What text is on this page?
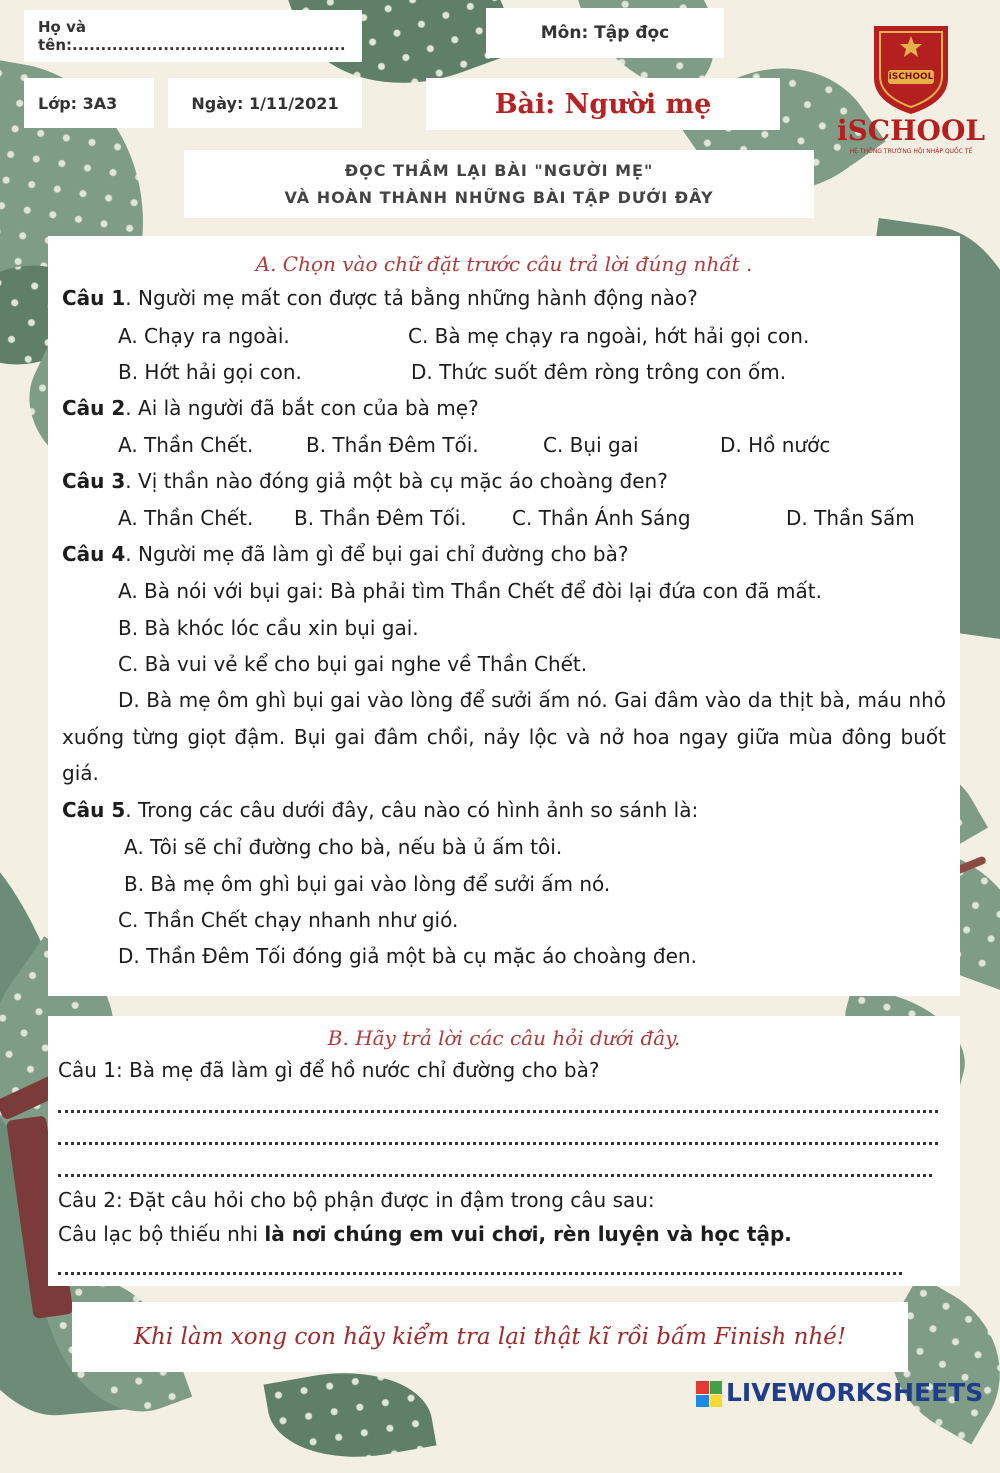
Họ và tên:................................................
Môn: Tập đọc
Lớp: 3A3	Ngày: 1/11/2021	Bài: Người mẹ
iSCHOOL
iSCHOOL
HỆ THỐNG TRƯỜNG HỘI NHẬP QUỐC TẾ
ĐỌC THẦM LẠI BÀI "NGƯỜI MẸ"
VÀ HOÀN THÀNH NHỮNG BÀI TẬP DƯỚI ĐÂY
A. Chọn vào chữ đặt trước câu trả lời đúng nhất .
Câu 1. Người mẹ mất con được tả bằng những hành động nào?
A. Chạy ra ngoài.	C. Bà mẹ chạy ra ngoài, hớt hải gọi con.
B. Hớt hải gọi con.	D. Thức suốt đêm ròng trông con ốm.
Câu 2. Ai là người đã bắt con của bà mẹ?
A. Thần Chết.	B. Thần Đêm Tối.	C. Bụi gai	D. Hồ nước
Câu 3. Vị thần nào đóng giả một bà cụ mặc áo choàng đen?
A. Thần Chết. B. Thần Đêm Tối. C. Thần Ánh Sáng	D. Thần Sấm
Câu 4. Người mẹ đã làm gì để bụi gai chỉ đường cho bà?
A. Bà nói với bụi gai: Bà phải tìm Thần Chết để đòi lại đứa con đã mất.
B. Bà khóc lóc cầu xin bụi gai.
C. Bà vui vẻ kể cho bụi gai nghe về Thần Chết.
D. Bà mẹ ôm ghì bụi gai vào lòng để sưởi ấm nó. Gai đâm vào da thịt bà, máu nhỏ xuống từng giọt đậm. Bụi gai đâm chồi, nảy lộc và nở hoa ngay giữa mùa đông buốt giá.
Câu 5. Trong các câu dưới đây, câu nào có hình ảnh so sánh là:
A. Tôi sẽ chỉ đường cho bà, nếu bà ủ ấm tôi.
B. Bà mẹ ôm ghì bụi gai vào lòng để sưởi ấm nó.
C. Thần Chết chạy nhanh như gió.
D. Thần Đêm Tối đóng giả một bà cụ mặc áo choàng đen.
B. Hãy trả lời các câu hỏi dưới đây.
Câu 1: Bà mẹ đã làm gì để hồ nước chỉ đường cho bà?
Câu 2: Đặt câu hỏi cho bộ phận được in đậm trong câu sau:
Câu lạc bộ thiếu nhi là nơi chúng em vui chơi, rèn luyện và học tập.
Khi làm xong con hãy kiểm tra lại thật kĩ rồi bấm Finish nhé!
LIVEWORKSHEETS
